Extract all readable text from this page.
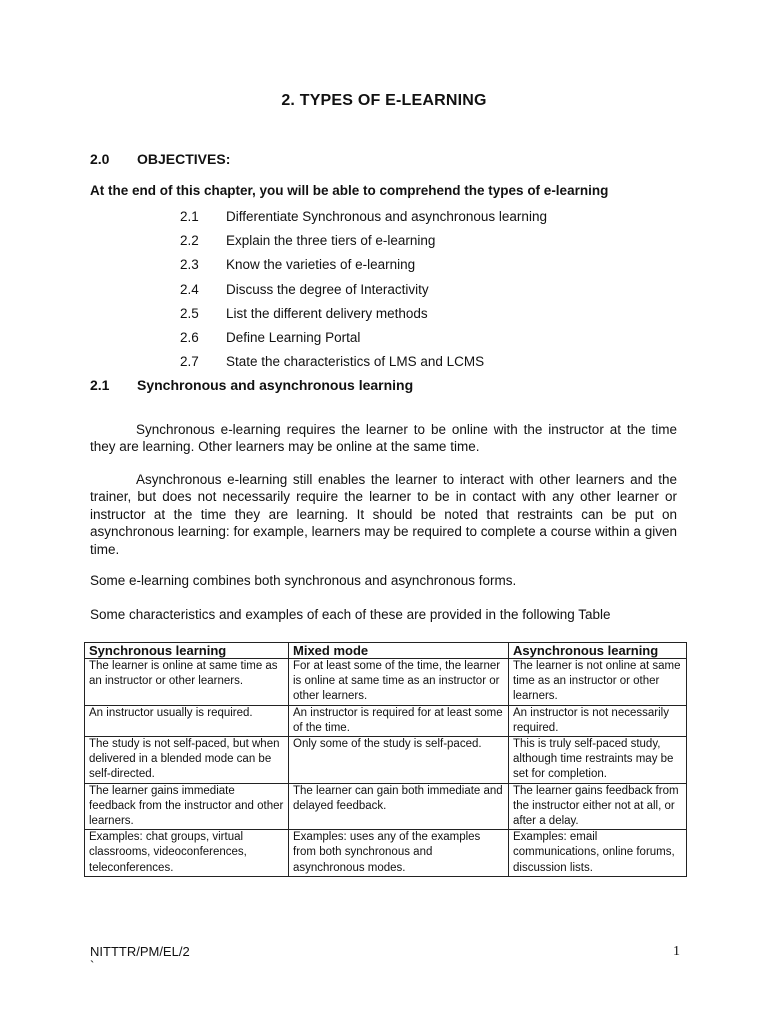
2. TYPES OF E-LEARNING
2.0 OBJECTIVES:
At the end of this chapter, you will be able to comprehend the types of e-learning
2.1 Differentiate Synchronous and asynchronous learning
2.2 Explain the three tiers of e-learning
2.3 Know the varieties of e-learning
2.4 Discuss the degree of Interactivity
2.5 List the different delivery methods
2.6 Define Learning Portal
2.7 State the characteristics of LMS and LCMS
2.1 Synchronous and asynchronous learning

Synchronous e-learning requires the learner to be online with the instructor at the time they are learning. Other learners may be online at the same time.

Asynchronous e-learning still enables the learner to interact with other learners and the trainer, but does not necessarily require the learner to be in contact with any other learner or instructor at the time they are learning. It should be noted that restraints can be put on asynchronous learning: for example, learners may be required to complete a course within a given time.

Some e-learning combines both synchronous and asynchronous forms.

Some characteristics and examples of each of these are provided in the following Table

Synchronous learning	Mixed mode	Asynchronous learning
The learner is online at same time as an instructor or other learners.	For at least some of the time, the learner is online at same time as an instructor or other learners.	The learner is not online at same time as an instructor or other learners.
An instructor usually is required.	An instructor is required for at least some of the time.	An instructor is not necessarily required.
The study is not self-paced, but when delivered in a blended mode can be self-directed.	Only some of the study is self-paced.	This is truly self-paced study, although time restraints may be set for completion.
The learner gains immediate feedback from the instructor and other learners.	The learner can gain both immediate and delayed feedback.	The learner gains feedback from the instructor either not at all, or after a delay.
Examples: chat groups, virtual classrooms, videoconferences, teleconferences.	Examples: uses any of the examples from both synchronous and asynchronous modes.	Examples: email communications, online forums, discussion lists.
NITTTR/PM/EL/2
`
1
